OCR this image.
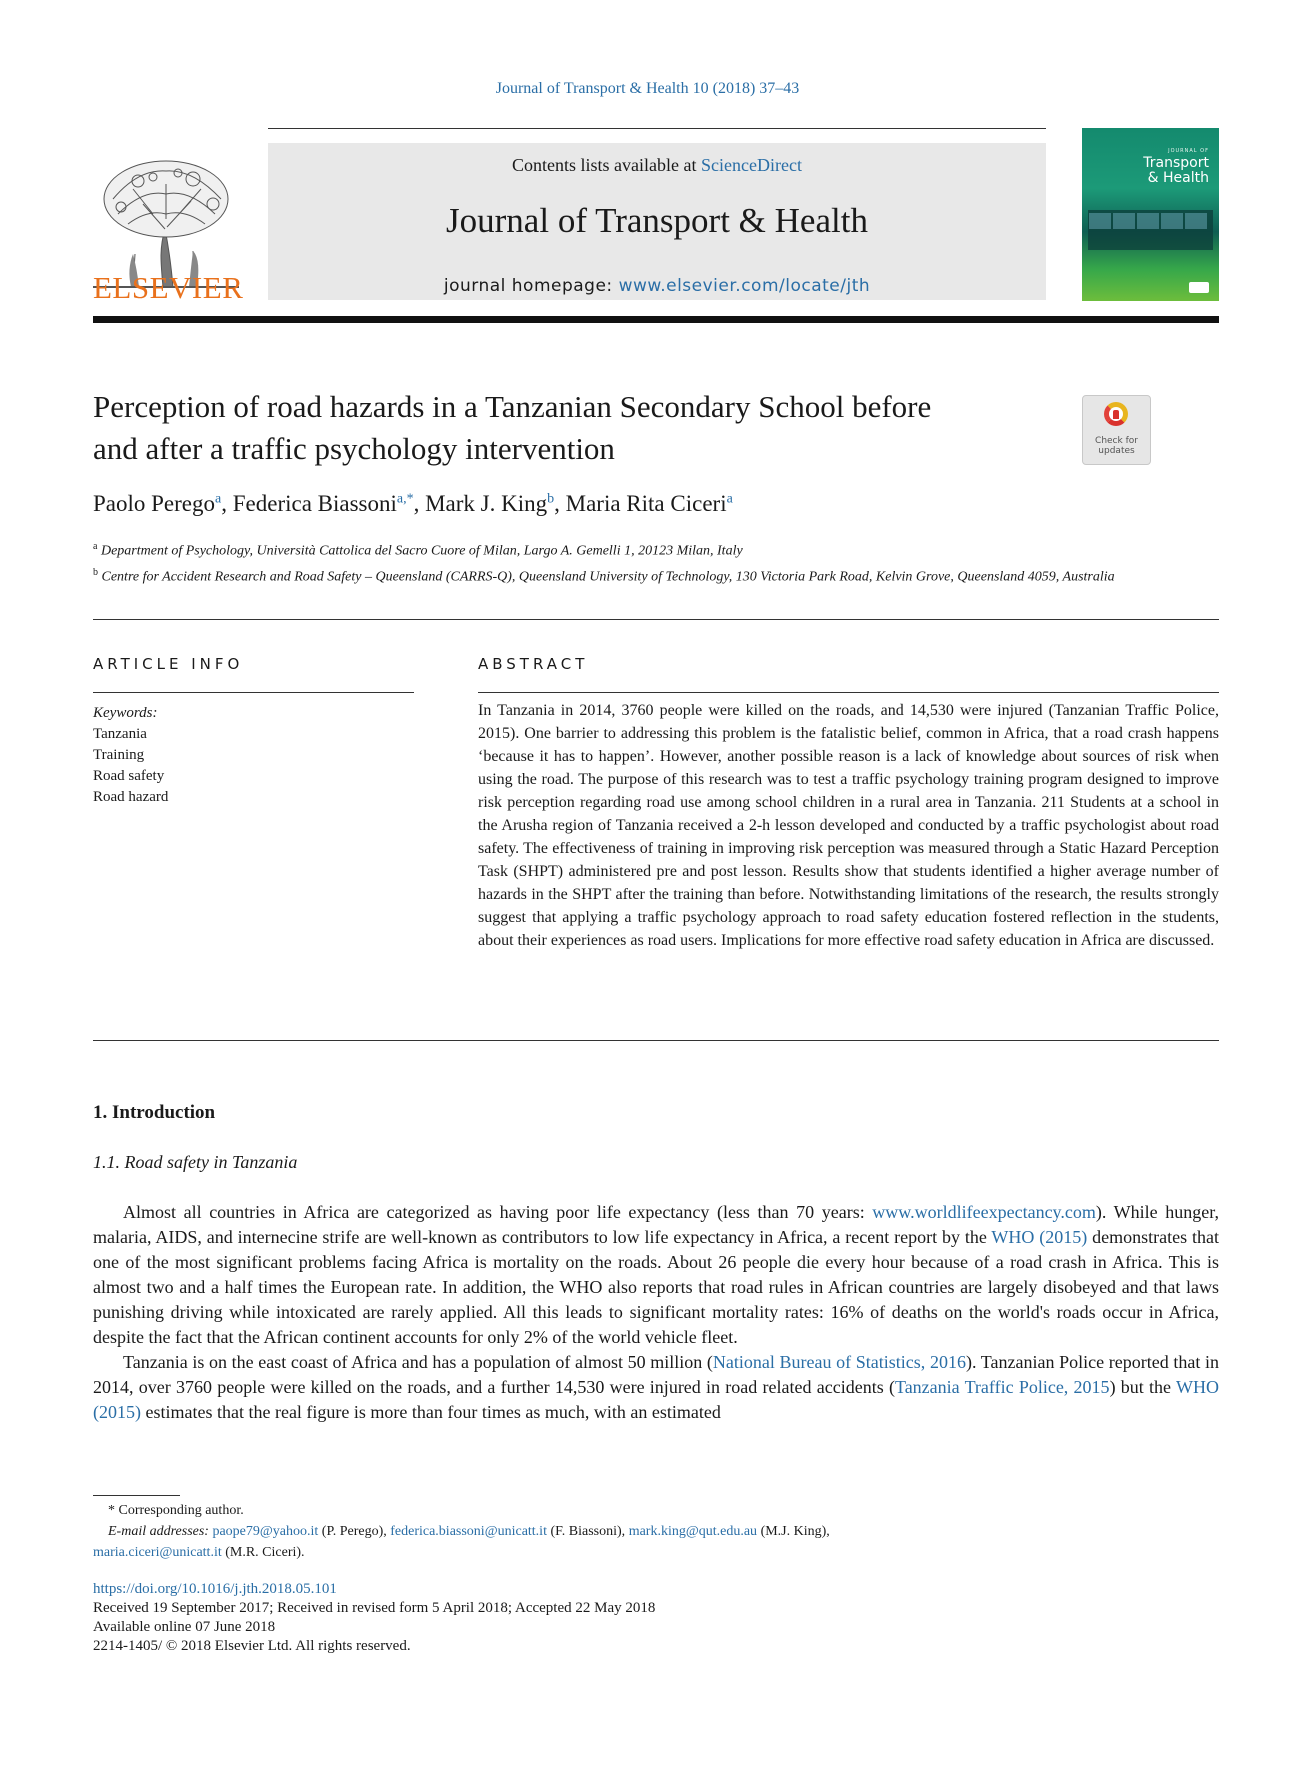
Journal of Transport & Health 10 (2018) 37–43
ELSEVIER
Contents lists available at ScienceDirect
Journal of Transport & Health
journal homepage: www.elsevier.com/locate/jth
JOURNAL OF
Transport
& Health
Perception of road hazards in a Tanzanian Secondary School before
and after a traffic psychology intervention	Check for
updates
Paolo Perego$^a$, Federica Biassoni$^{a,*}$, Mark J. King$^b$, Maria Rita Ciceri$^a$
$^a$ Department of Psychology, Università Cattolica del Sacro Cuore of Milan, Largo A. Gemelli 1, 20123 Milan, Italy
$^b$ Centre for Accident Research and Road Safety – Queensland (CARRS-Q), Queensland University of Technology, 130 Victoria Park Road, Kelvin Grove, Queensland 4059, Australia
ARTICLE INFO	ABSTRACT
Keywords:
Tanzania
Training
Road safety
Road hazard
In Tanzania in 2014, 3760 people were killed on the roads, and 14,530 were injured (Tanzanian Traffic Police, 2015). One barrier to addressing this problem is the fatalistic belief, common in Africa, that a road crash happens ‘because it has to happen’. However, another possible reason is a lack of knowledge about sources of risk when using the road. The purpose of this research was to test a traffic psychology training program designed to improve risk perception regarding road use among school children in a rural area in Tanzania. 211 Students at a school in the Arusha region of Tanzania received a 2-h lesson developed and conducted by a traffic psychologist about road safety. The effectiveness of training in improving risk perception was measured through a Static Hazard Perception Task (SHPT) administered pre and post lesson. Results show that students identified a higher average number of hazards in the SHPT after the training than before. Notwithstanding limitations of the research, the results strongly suggest that applying a traffic psychology approach to road safety education fostered reflection in the students, about their experiences as road users. Implications for more effective road safety education in Africa are discussed.
1. Introduction
1.1. Road safety in Tanzania

Almost all countries in Africa are categorized as having poor life expectancy (less than 70 years: www.worldlifeexpectancy.com). While hunger, malaria, AIDS, and internecine strife are well-known as contributors to low life expectancy in Africa, a recent report by the WHO (2015) demonstrates that one of the most significant problems facing Africa is mortality on the roads. About 26 people die every hour because of a road crash in Africa. This is almost two and a half times the European rate. In addition, the WHO also reports that road rules in African countries are largely disobeyed and that laws punishing driving while intoxicated are rarely applied. All this leads to significant mortality rates: 16% of deaths on the world's roads occur in Africa, despite the fact that the African continent accounts for only 2% of the world vehicle fleet.

Tanzania is on the east coast of Africa and has a population of almost 50 million (National Bureau of Statistics, 2016). Tanzanian Police reported that in 2014, over 3760 people were killed on the roads, and a further 14,530 were injured in road related accidents (Tanzania Traffic Police, 2015) but the WHO (2015) estimates that the real figure is more than four times as much, with an estimated

* Corresponding author.
E-mail addresses: paope79@yahoo.it (P. Perego), federica.biassoni@unicatt.it (F. Biassoni), mark.king@qut.edu.au (M.J. King),
maria.ciceri@unicatt.it (M.R. Ciceri).
https://doi.org/10.1016/j.jth.2018.05.101
Received 19 September 2017; Received in revised form 5 April 2018; Accepted 22 May 2018
Available online 07 June 2018
2214-1405/ © 2018 Elsevier Ltd. All rights reserved.
